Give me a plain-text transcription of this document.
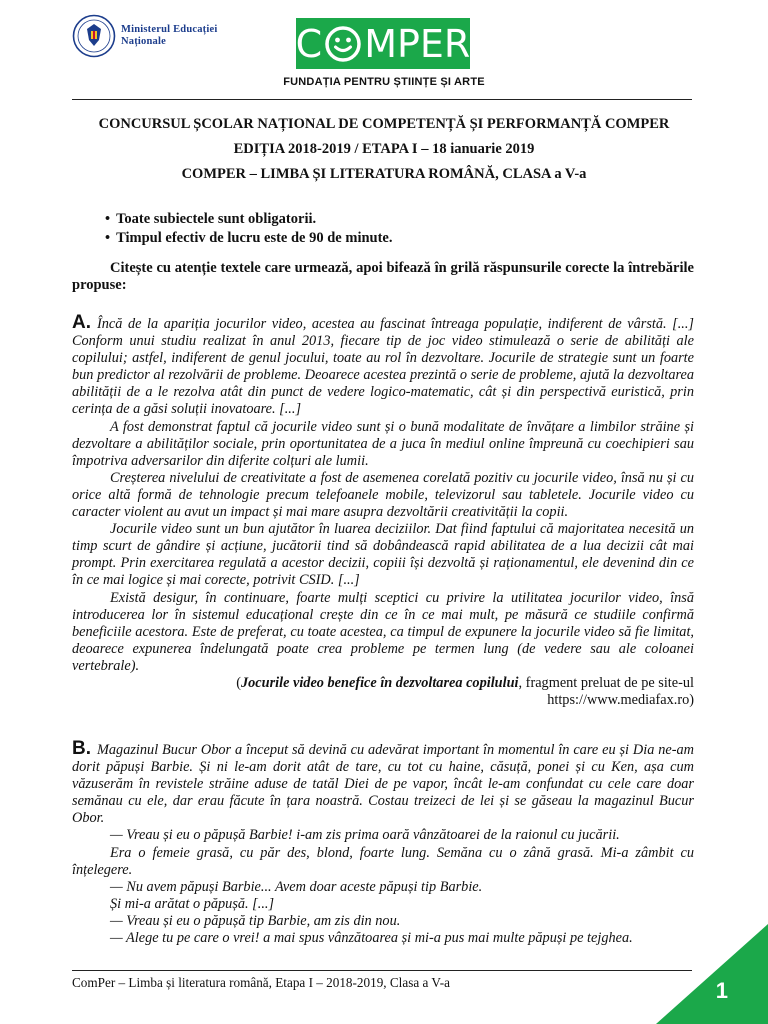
Ministerul Educației
Naționale	C MPER
FUNDAȚIA PENTRU ȘTIINȚE ȘI ARTE
CONCURSUL ȘCOLAR NAȚIONAL DE COMPETENȚĂ ȘI PERFORMANȚĂ COMPER
EDIȚIA 2018-2019 / ETAPA I – 18 ianuarie 2019
COMPER – LIMBA ȘI LITERATURA ROMÂNĂ, CLASA a V-a
• Toate subiectele sunt obligatorii.
• Timpul efectiv de lucru este de 90 de minute.
Citește cu atenție textele care urmează, apoi bifează în grilă răspunsurile corecte la întrebările propuse:

A. Încă de la apariția jocurilor video, acestea au fascinat întreaga populație, indiferent de vârstă. [...] Conform unui studiu realizat în anul 2013, fiecare tip de joc video stimulează o serie de abilități ale copilului; astfel, indiferent de genul jocului, toate au rol în dezvoltare. Jocurile de strategie sunt un foarte bun predictor al rezolvării de probleme. Deoarece acestea prezintă o serie de probleme, ajută la dezvoltarea abilității de a le rezolva atât din punct de vedere logico-matematic, cât și din perspectivă euristică, prin cerința de a găsi soluții inovatoare. [...]

A fost demonstrat faptul că jocurile video sunt și o bună modalitate de învățare a limbilor străine și dezvoltare a abilităților sociale, prin oportunitatea de a juca în mediul online împreună cu coechipieri sau împotriva adversarilor din diferite colțuri ale lumii.

Creșterea nivelului de creativitate a fost de asemenea corelată pozitiv cu jocurile video, însă nu și cu orice altă formă de tehnologie precum telefoanele mobile, televizorul sau tabletele. Jocurile video cu caracter violent au avut un impact și mai mare asupra dezvoltării creativității la copii.

Jocurile video sunt un bun ajutător în luarea deciziilor. Dat fiind faptului că majoritatea necesită un timp scurt de gândire și acțiune, jucătorii tind să dobândească rapid abilitatea de a lua decizii cât mai prompt. Prin exercitarea regulată a acestor decizii, copiii își dezvoltă și raționamentul, ele devenind din ce în ce mai logice și mai corecte, potrivit CSID. [...]

Există desigur, în continuare, foarte mulți sceptici cu privire la utilitatea jocurilor video, însă introducerea lor în sistemul educațional crește din ce în ce mai mult, pe măsură ce studiile confirmă beneficiile acestora. Este de preferat, cu toate acestea, ca timpul de expunere la jocurile video să fie limitat, deoarece expunerea îndelungată poate crea probleme pe termen lung (de vedere sau ale coloanei vertebrale).

(Jocurile video benefice în dezvoltarea copilului, fragment preluat de pe site-ul
https://www.mediafax.ro)

B. Magazinul Bucur Obor a început să devină cu adevărat important în momentul în care eu și Dia ne-am dorit păpuși Barbie. Și ni le-am dorit atât de tare, cu tot cu haine, căsuță, ponei și cu Ken, așa cum văzuserăm în revistele străine aduse de tatăl Diei de pe vapor, încât le-am confundat cu cele care doar semănau cu ele, dar erau făcute în țara noastră. Costau treizeci de lei și se găseau la magazinul Bucur Obor.

— Vreau și eu o păpușă Barbie! i-am zis prima oară vânzătoarei de la raionul cu jucării.

Era o femeie grasă, cu păr des, blond, foarte lung. Semăna cu o zână grasă. Mi-a zâmbit cu înțelegere.

— Nu avem păpuși Barbie... Avem doar aceste păpuși tip Barbie.

Și mi-a arătat o păpușă. [...]

— Vreau și eu o păpușă tip Barbie, am zis din nou.

— Alege tu pe care o vrei! a mai spus vânzătoarea și mi-a pus mai multe păpuși pe tejghea.

ComPer – Limba și literatura română, Etapa I – 2018-2019, Clasa a V-a	1
